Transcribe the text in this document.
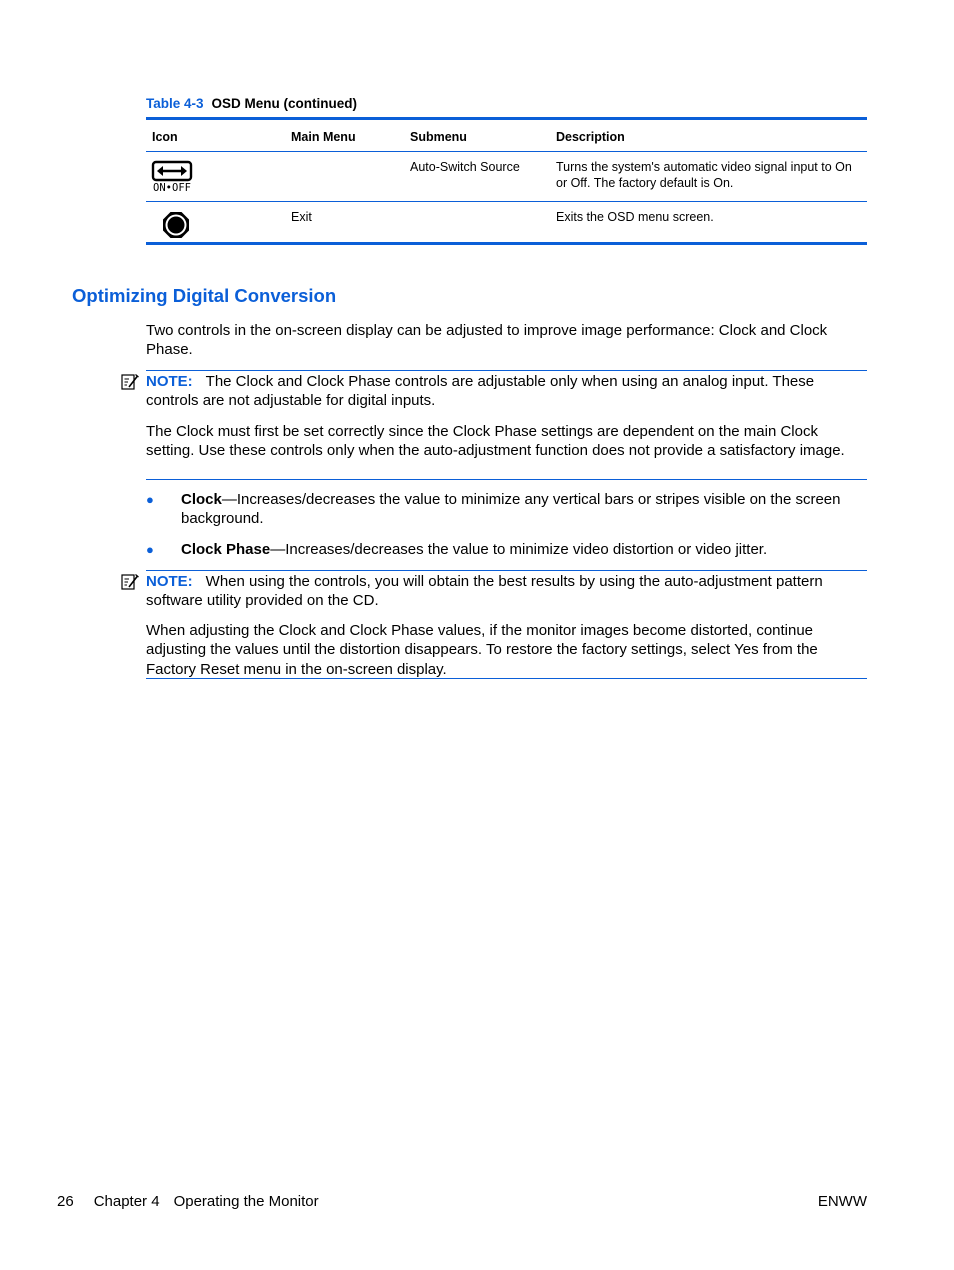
Table 4-3 OSD Menu (continued)
Icon	Main Menu	Submenu	Description

ON•OFF		Auto-Switch Source	Turns the system's automatic video signal input to On or Off. The factory default is On.

	Exit		Exits the OSD menu screen.
Optimizing Digital Conversion

Two controls in the on-screen display can be adjusted to improve image performance: Clock and Clock Phase.

NOTE: The Clock and Clock Phase controls are adjustable only when using an analog input. These controls are not adjustable for digital inputs.

The Clock must first be set correctly since the Clock Phase settings are dependent on the main Clock setting. Use these controls only when the auto-adjustment function does not provide a satisfactory image.

● Clock—Increases/decreases the value to minimize any vertical bars or stripes visible on the screen background.

● Clock Phase—Increases/decreases the value to minimize video distortion or video jitter.

NOTE: When using the controls, you will obtain the best results by using the auto-adjustment pattern software utility provided on the CD.

When adjusting the Clock and Clock Phase values, if the monitor images become distorted, continue adjusting the values until the distortion disappears. To restore the factory settings, select Yes from the Factory Reset menu in the on-screen display.

26 Chapter 4 Operating the Monitor	ENWW
